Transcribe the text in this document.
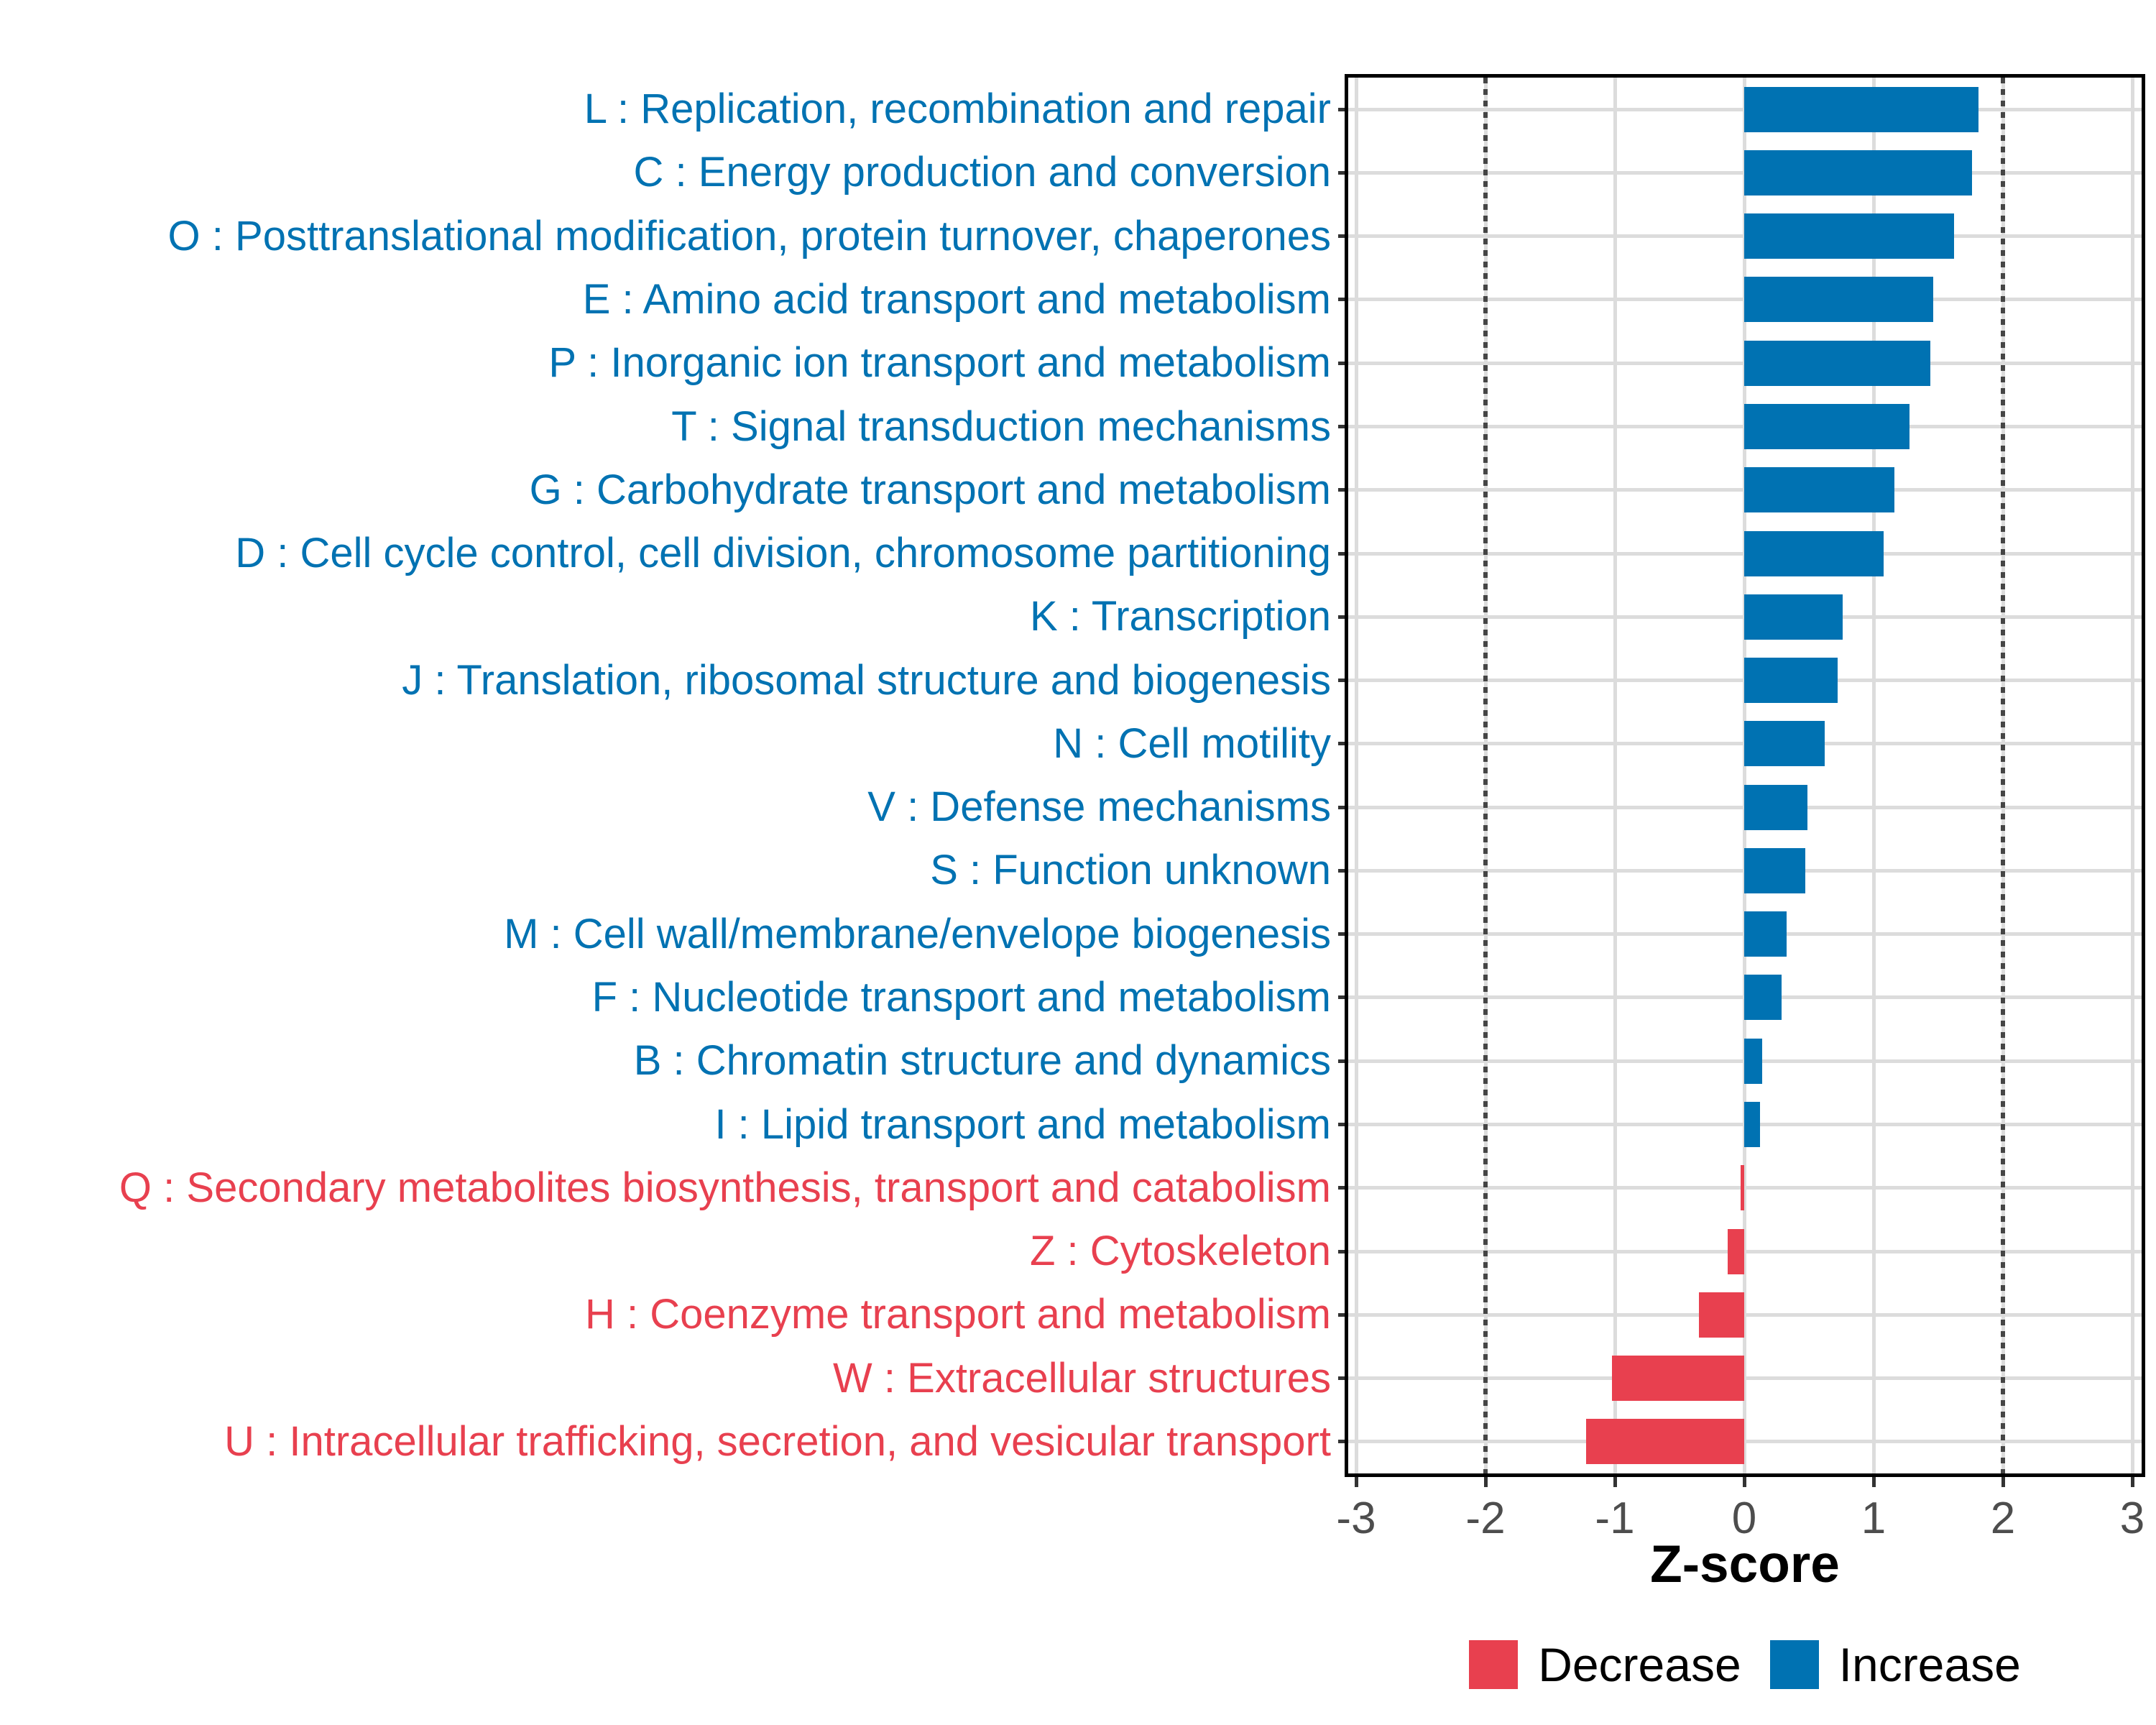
L : Replication, recombination and repair
C : Energy production and conversion
O : Posttranslational modification, protein turnover, chaperones
E : Amino acid transport and metabolism
P : Inorganic ion transport and metabolism
T : Signal transduction mechanisms
G : Carbohydrate transport and metabolism
D : Cell cycle control, cell division, chromosome partitioning
K : Transcription
J : Translation, ribosomal structure and biogenesis
N : Cell motility
V : Defense mechanisms
S : Function unknown
M : Cell wall/membrane/envelope biogenesis
F : Nucleotide transport and metabolism
B : Chromatin structure and dynamics
I : Lipid transport and metabolism
Q : Secondary metabolites biosynthesis, transport and catabolism
Z : Cytoskeleton
H : Coenzyme transport and metabolism
W : Extracellular structures
U : Intracellular trafficking, secretion, and vesicular transport
-3 -2 -1 0 1 2 3
Z-score
Decrease Increase
